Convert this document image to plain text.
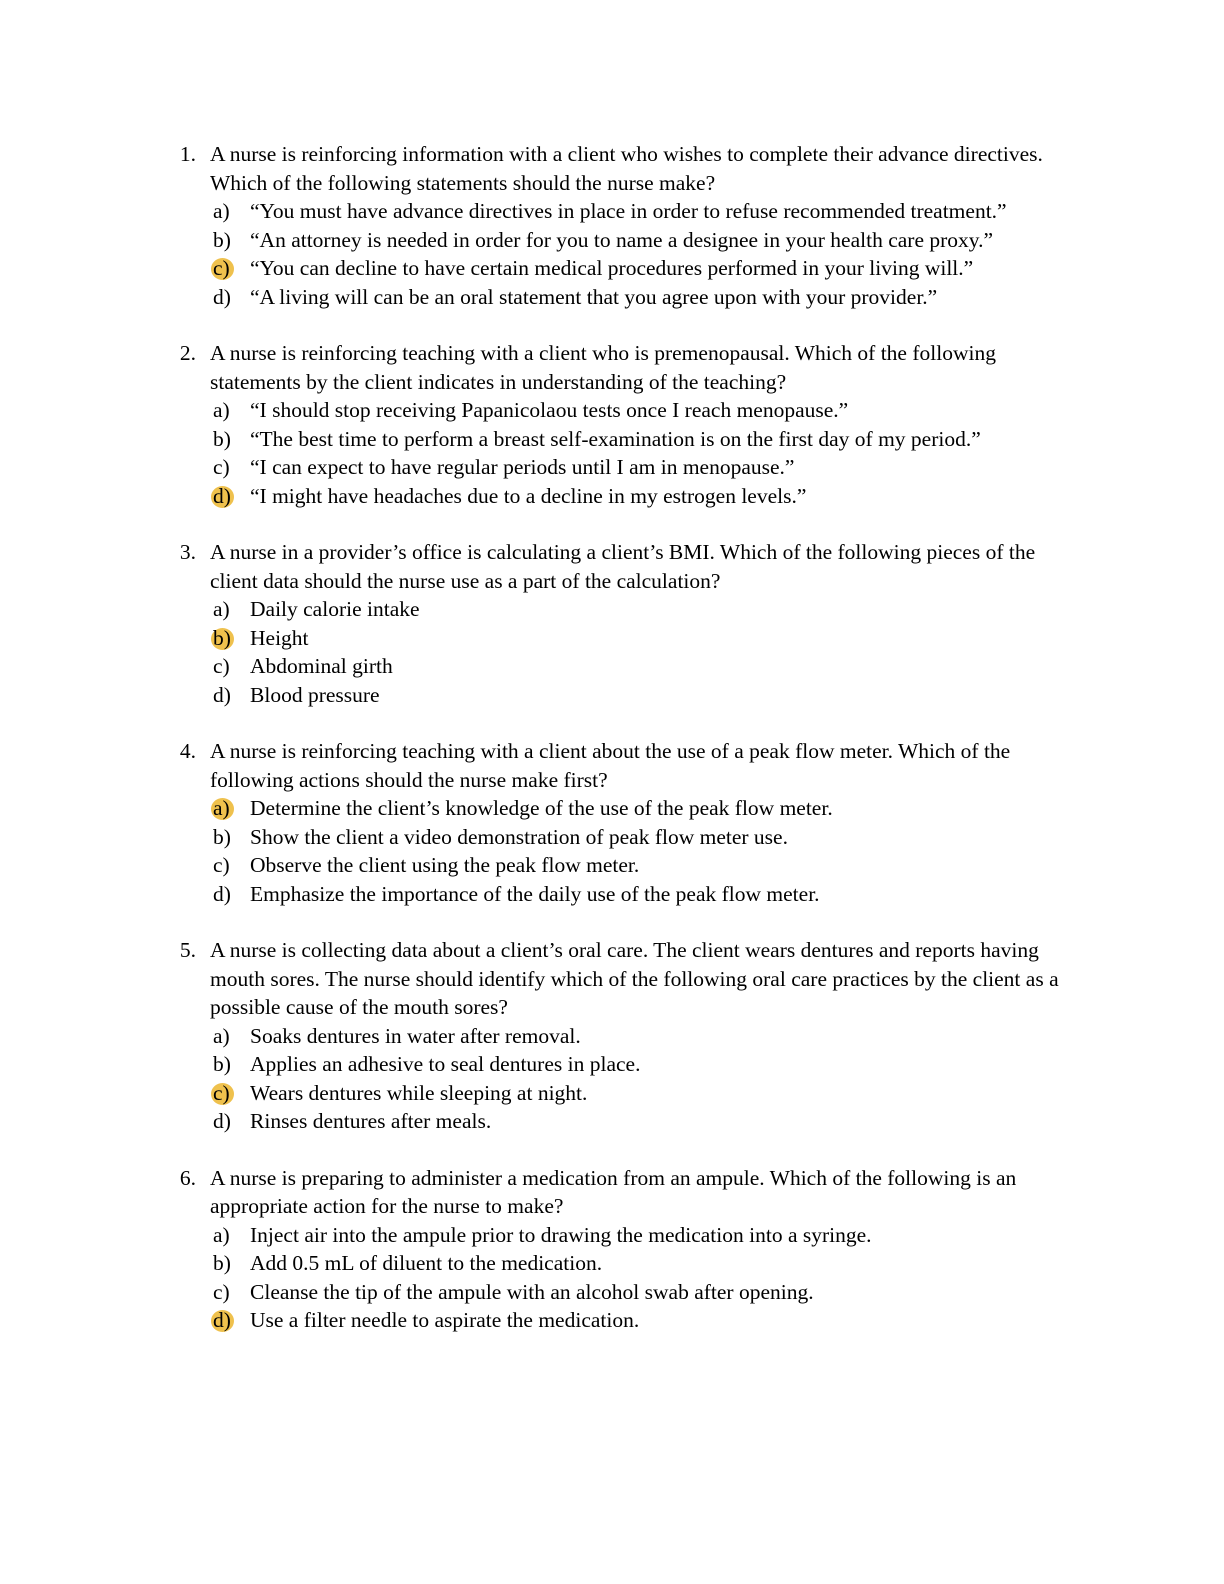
1. A nurse is reinforcing information with a client who wishes to complete their advance directives. Which of the following statements should the nurse make?
a) “You must have advance directives in place in order to refuse recommended treatment.”
b) “An attorney is needed in order for you to name a designee in your health care proxy.”
c) “You can decline to have certain medical procedures performed in your living will.”
d) “A living will can be an oral statement that you agree upon with your provider.”
2. A nurse is reinforcing teaching with a client who is premenopausal. Which of the following statements by the client indicates in understanding of the teaching?
a) “I should stop receiving Papanicolaou tests once I reach menopause.”
b) “The best time to perform a breast self-examination is on the first day of my period.”
c) “I can expect to have regular periods until I am in menopause.”
d) “I might have headaches due to a decline in my estrogen levels.”
3. A nurse in a provider’s office is calculating a client’s BMI. Which of the following pieces of the client data should the nurse use as a part of the calculation?
a) Daily calorie intake
b) Height
c) Abdominal girth
d) Blood pressure
4. A nurse is reinforcing teaching with a client about the use of a peak flow meter. Which of the following actions should the nurse make first?
a) Determine the client’s knowledge of the use of the peak flow meter.
b) Show the client a video demonstration of peak flow meter use.
c) Observe the client using the peak flow meter.
d) Emphasize the importance of the daily use of the peak flow meter.
5. A nurse is collecting data about a client’s oral care. The client wears dentures and reports having mouth sores. The nurse should identify which of the following oral care practices by the client as a possible cause of the mouth sores?
a) Soaks dentures in water after removal.
b) Applies an adhesive to seal dentures in place.
c) Wears dentures while sleeping at night.
d) Rinses dentures after meals.
6. A nurse is preparing to administer a medication from an ampule. Which of the following is an appropriate action for the nurse to make?
a) Inject air into the ampule prior to drawing the medication into a syringe.
b) Add 0.5 mL of diluent to the medication.
c) Cleanse the tip of the ampule with an alcohol swab after opening.
d) Use a filter needle to aspirate the medication.
